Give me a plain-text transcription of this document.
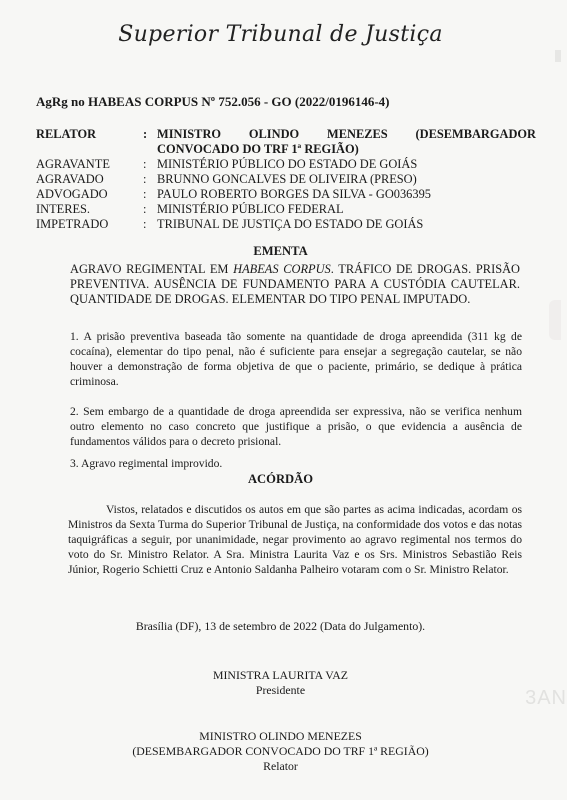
Superior Tribunal de Justiça
AgRg no HABEAS CORPUS Nº 752.056 - GO (2022/0196146-4)
RELATOR	: MINISTRO OLINDO MENEZES (DESEMBARGADOR CONVOCADO DO TRF 1ª REGIÃO)
AGRAVANTE	: MINISTÉRIO PÚBLICO DO ESTADO DE GOIÁS
AGRAVADO	: BRUNNO GONCALVES DE OLIVEIRA (PRESO)
ADVOGADO	: PAULO ROBERTO BORGES DA SILVA - GO036395
INTERES.	: MINISTÉRIO PÚBLICO FEDERAL
IMPETRADO	: TRIBUNAL DE JUSTIÇA DO ESTADO DE GOIÁS
EMENTA
AGRAVO REGIMENTAL EM HABEAS CORPUS. TRÁFICO DE DROGAS. PRISÃO PREVENTIVA. AUSÊNCIA DE FUNDAMENTO PARA A CUSTÓDIA CAUTELAR. QUANTIDADE DE DROGAS. ELEMENTAR DO TIPO PENAL IMPUTADO.
1. A prisão preventiva baseada tão somente na quantidade de droga apreendida (311 kg de cocaína), elementar do tipo penal, não é suficiente para ensejar a segregação cautelar, se não houver a demonstração de forma objetiva de que o paciente, primário, se dedique à prática criminosa.
2. Sem embargo de a quantidade de droga apreendida ser expressiva, não se verifica nenhum outro elemento no caso concreto que justifique a prisão, o que evidencia a ausência de fundamentos válidos para o decreto prisional.
3. Agravo regimental improvido.
ACÓRDÃO
Vistos, relatados e discutidos os autos em que são partes as acima indicadas, acordam os Ministros da Sexta Turma do Superior Tribunal de Justiça, na conformidade dos votos e das notas taquigráficas a seguir, por unanimidade, negar provimento ao agravo regimental nos termos do voto do Sr. Ministro Relator. A Sra. Ministra Laurita Vaz e os Srs. Ministros Sebastião Reis Júnior, Rogerio Schietti Cruz e Antonio Saldanha Palheiro votaram com o Sr. Ministro Relator.
Brasília (DF), 13 de setembro de 2022 (Data do Julgamento).
MINISTRA LAURITA VAZ
Presidente
MINISTRO OLINDO MENEZES
(DESEMBARGADOR CONVOCADO DO TRF 1ª REGIÃO)
Relator
3AN
